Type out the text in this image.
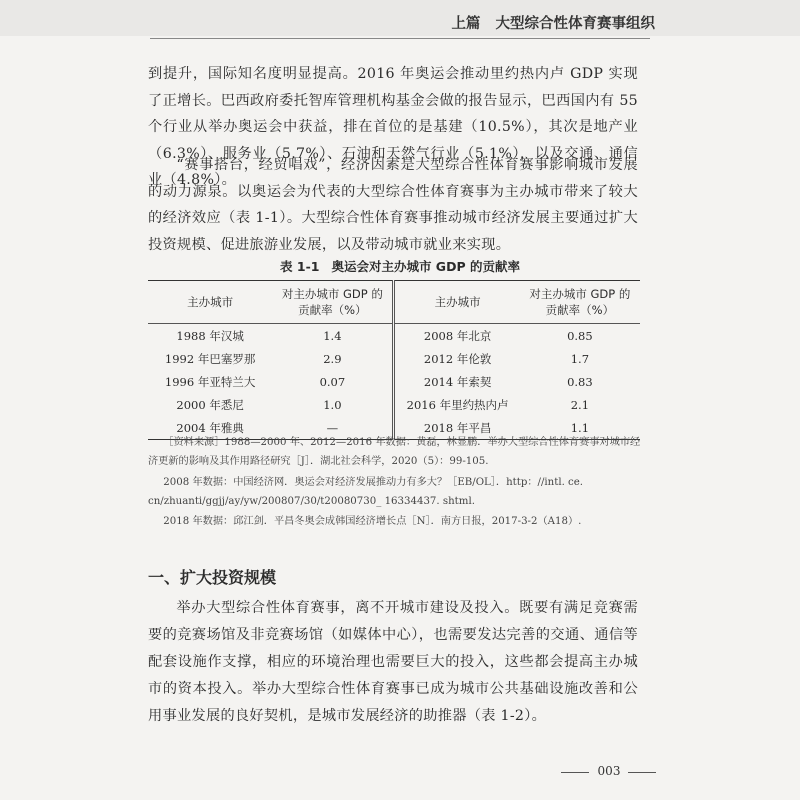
上篇 大型综合性体育赛事组织

到提升，国际知名度明显提高。2016 年奥运会推动里约热内卢 GDP 实现了正增长。巴西政府委托智库管理机构基金会做的报告显示，巴西国内有 55 个行业从举办奥运会中获益，排在首位的是基建（10.5%），其次是地产业（6.3%）、服务业（5.7%）、石油和天然气行业（5.1%），以及交通、通信业（4.8%）。

“赛事搭台，经贸唱戏”，经济因素是大型综合性体育赛事影响城市发展的动力源泉。以奥运会为代表的大型综合性体育赛事为主办城市带来了较大的经济效应（表 1-1）。大型综合性体育赛事推动城市经济发展主要通过扩大投资规模、促进旅游业发展，以及带动城市就业来实现。

表 1-1 奥运会对主办城市 GDP 的贡献率
主办城市	对主办城市 GDP 的贡献率（%）	主办城市	对主办城市 GDP 的贡献率（%）
1988 年汉城	1.4	2008 年北京	0.85
1992 年巴塞罗那	2.9	2012 年伦敦	1.7
1996 年亚特兰大	0.07	2014 年索契	0.83
2000 年悉尼	1.0	2016 年里约热内卢	2.1
2004 年雅典	—	2018 年平昌	1.1

［资料来源］1988—2000 年、2012—2016 年数据：黄磊，林显鹏．举办大型综合性体育赛事对城市经济更新的影响及其作用路径研究［J］．湖北社会科学，2020（5）：99-105.

2008 年数据：中国经济网．奥运会对经济发展推动力有多大？［EB/OL］．http：//intl. ce. cn/zhuanti/ggjj/ay/yw/200807/30/t20080730_ 16334437. shtml.

2018 年数据：邱江剑．平昌冬奥会成韩国经济增长点［N］．南方日报，2017-3-2（A18）.

一、扩大投资规模

举办大型综合性体育赛事，离不开城市建设及投入。既要有满足竞赛需要的竞赛场馆及非竞赛场馆（如媒体中心），也需要发达完善的交通、通信等配套设施作支撑，相应的环境治理也需要巨大的投入，这些都会提高主办城市的资本投入。举办大型综合性体育赛事已成为城市公共基础设施改善和公用事业发展的良好契机，是城市发展经济的助推器（表 1-2）。

003
